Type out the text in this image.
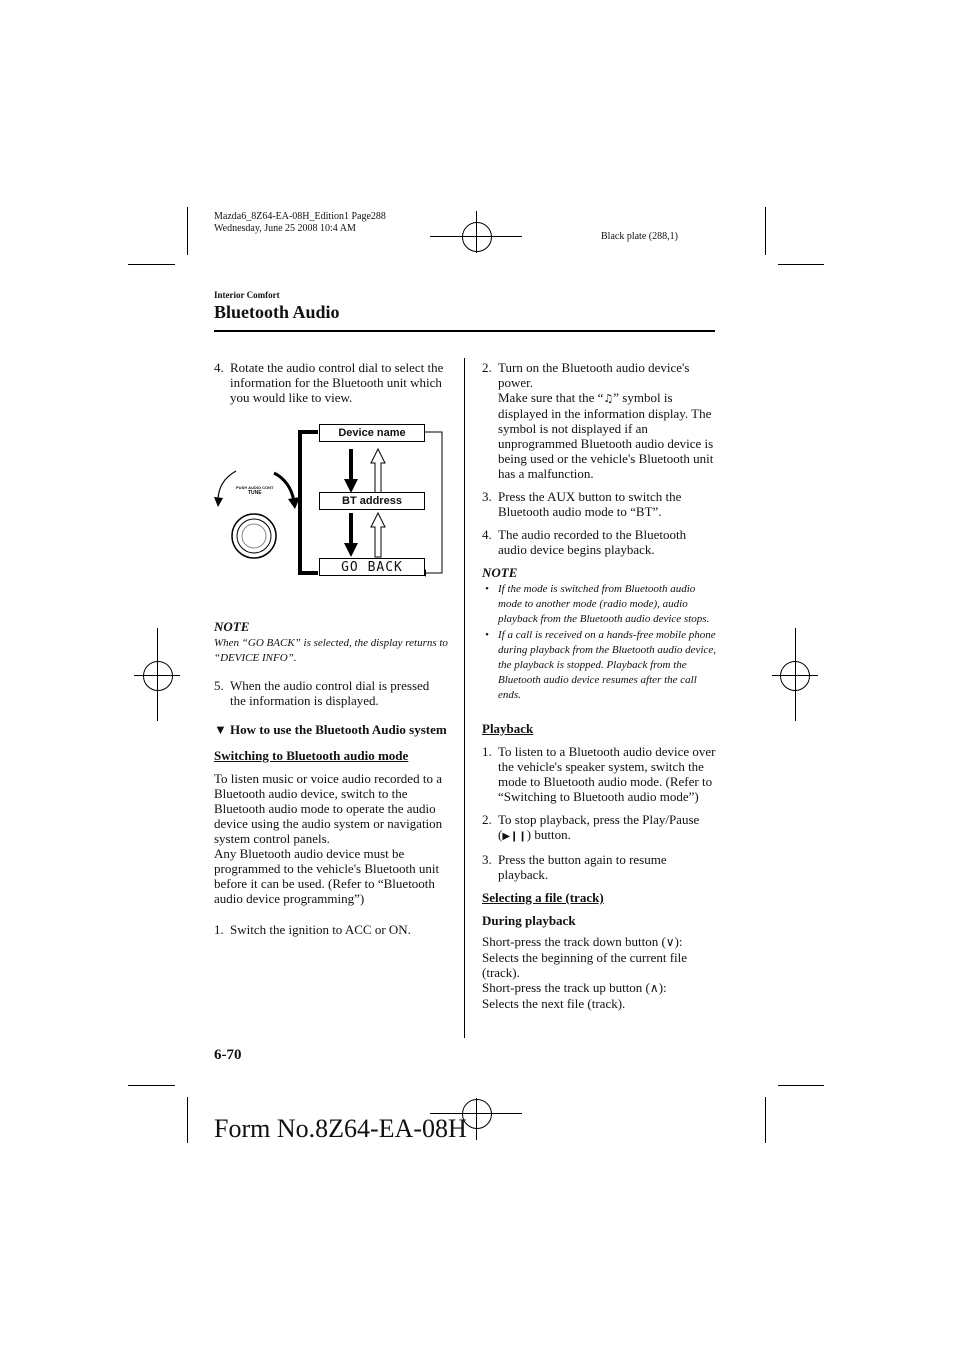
Mazda6_8Z64-EA-08H_Edition1 Page288
Wednesday, June 25 2008 10:4 AM
Black plate (288,1)
Interior Comfort
Bluetooth Audio
4. Rotate the audio control dial to select the information for the Bluetooth unit which you would like to view.
Device name
BT address
GO BACK
PUSH AUDIO CONT
TUNE
NOTE
When “GO BACK” is selected, the display returns to “DEVICE INFO”.
5. When the audio control dial is pressed the information is displayed.
▼ How to use the Bluetooth Audio system
Switching to Bluetooth audio mode
To listen music or voice audio recorded to a Bluetooth audio device, switch to the Bluetooth audio mode to operate the audio device using the audio system or navigation system control panels.
Any Bluetooth audio device must be programmed to the vehicle's Bluetooth unit before it can be used. (Refer to “Bluetooth audio device programming”)
1. Switch the ignition to ACC or ON.
2. Turn on the Bluetooth audio device's power.
Make sure that the “♫” symbol is displayed in the information display. The symbol is not displayed if an unprogrammed Bluetooth audio device is being used or the vehicle's Bluetooth unit has a malfunction.
3. Press the AUX button to switch the Bluetooth audio mode to “BT”.
4. The audio recorded to the Bluetooth audio device begins playback.
NOTE
• If the mode is switched from Bluetooth audio mode to another mode (radio mode), audio playback from the Bluetooth audio device stops.
• If a call is received on a hands-free mobile phone during playback from the Bluetooth audio device, the playback is stopped. Playback from the Bluetooth audio device resumes after the call ends.
Playback
1. To listen to a Bluetooth audio device over the vehicle's speaker system, switch the mode to Bluetooth audio mode. (Refer to “Switching to Bluetooth audio mode”)
2. To stop playback, press the Play/Pause (▶❙❙) button.
3. Press the button again to resume playback.
Selecting a file (track)
During playback
Short-press the track down button (∨):
Selects the beginning of the current file (track).
Short-press the track up button (∧):
Selects the next file (track).
6-70
Form No.8Z64-EA-08H
